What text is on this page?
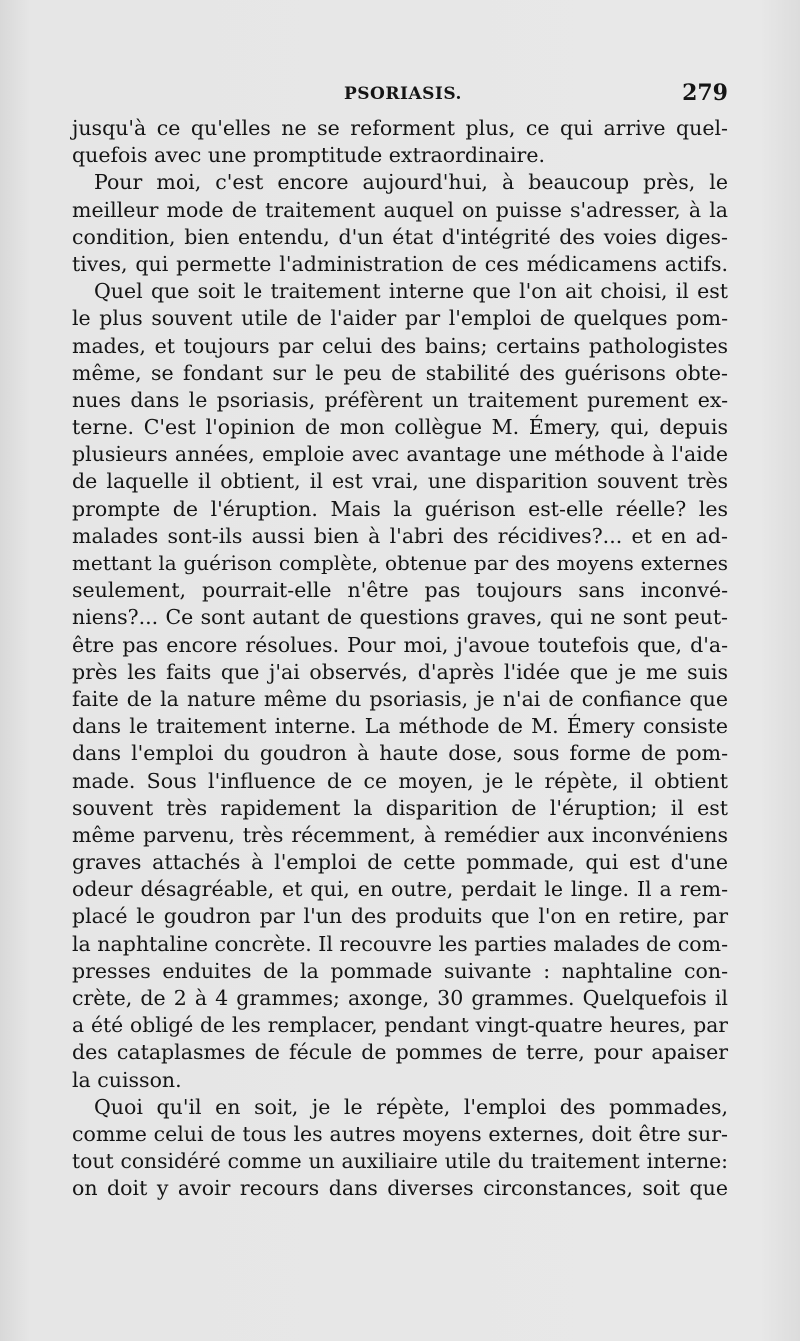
PSORIASIS.	279
jusqu'à ce qu'elles ne se reforment plus, ce qui arrive quel-
quefois avec une promptitude extraordinaire.
Pour moi, c'est encore aujourd'hui, à beaucoup près, le
meilleur mode de traitement auquel on puisse s'adresser, à la
condition, bien entendu, d'un état d'intégrité des voies diges-
tives, qui permette l'administration de ces médicamens actifs.
Quel que soit le traitement interne que l'on ait choisi, il est
le plus souvent utile de l'aider par l'emploi de quelques pom-
mades, et toujours par celui des bains; certains pathologistes
même, se fondant sur le peu de stabilité des guérisons obte-
nues dans le psoriasis, préfèrent un traitement purement ex-
terne. C'est l'opinion de mon collègue M. Émery, qui, depuis
plusieurs années, emploie avec avantage une méthode à l'aide
de laquelle il obtient, il est vrai, une disparition souvent très
prompte de l'éruption. Mais la guérison est-elle réelle? les
malades sont-ils aussi bien à l'abri des récidives?... et en ad-
mettant la guérison complète, obtenue par des moyens externes
seulement, pourrait-elle n'être pas toujours sans inconvé-
niens?... Ce sont autant de questions graves, qui ne sont peut-
être pas encore résolues. Pour moi, j'avoue toutefois que, d'a-
près les faits que j'ai observés, d'après l'idée que je me suis
faite de la nature même du psoriasis, je n'ai de confiance que
dans le traitement interne. La méthode de M. Émery consiste
dans l'emploi du goudron à haute dose, sous forme de pom-
made. Sous l'influence de ce moyen, je le répète, il obtient
souvent très rapidement la disparition de l'éruption; il est
même parvenu, très récemment, à remédier aux inconvéniens
graves attachés à l'emploi de cette pommade, qui est d'une
odeur désagréable, et qui, en outre, perdait le linge. Il a rem-
placé le goudron par l'un des produits que l'on en retire, par
la naphtaline concrète. Il recouvre les parties malades de com-
presses enduites de la pommade suivante : naphtaline con-
crète, de 2 à 4 grammes; axonge, 30 grammes. Quelquefois il
a été obligé de les remplacer, pendant vingt-quatre heures, par
des cataplasmes de fécule de pommes de terre, pour apaiser
la cuisson.
Quoi qu'il en soit, je le répète, l'emploi des pommades,
comme celui de tous les autres moyens externes, doit être sur-
tout considéré comme un auxiliaire utile du traitement interne:
on doit y avoir recours dans diverses circonstances, soit que
